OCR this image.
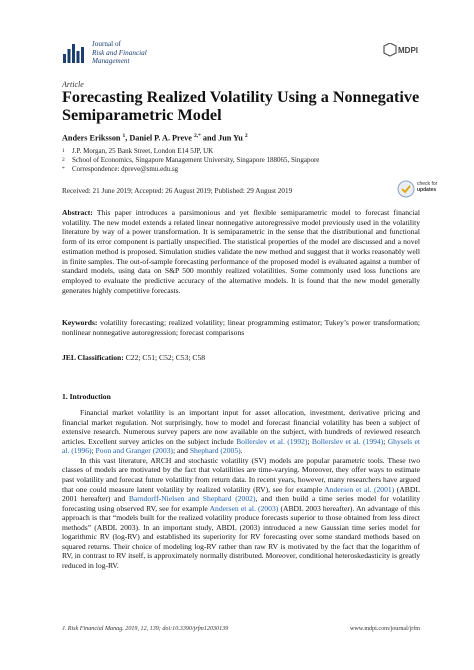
Journal of
Risk and Financial
Management
MDPI
Article
Forecasting Realized Volatility Using a Nonnegative Semiparametric Model
Anders Eriksson $^1$, Daniel P. A. Preve $^{2,*}$ and Jun Yu $^2$
1 J.P. Morgan, 25 Bank Street, London E14 5JP, UK
2 School of Economics, Singapore Management University, Singapore 188065, Singapore
* Correspondence: dpreve@smu.edu.sg
Received: 21 June 2019; Accepted: 26 August 2019; Published: 29 August 2019
check for
updates
Abstract: This paper introduces a parsimonious and yet flexible semiparametric model to forecast financial volatility. The new model extends a related linear nonnegative autoregressive model previously used in the volatility literature by way of a power transformation. It is semiparametric in the sense that the distributional and functional form of its error component is partially unspecified. The statistical properties of the model are discussed and a novel estimation method is proposed. Simulation studies validate the new method and suggest that it works reasonably well in finite samples. The out-of-sample forecasting performance of the proposed model is evaluated against a number of standard models, using data on S&P 500 monthly realized volatilities. Some commonly used loss functions are employed to evaluate the predictive accuracy of the alternative models. It is found that the new model generally generates highly competitive forecasts.
Keywords: volatility forecasting; realized volatility; linear programming estimator; Tukey’s power transformation; nonlinear nonnegative autoregression; forecast comparisons
JEL Classification: C22; C51; C52; C53; C58
1. Introduction

Financial market volatility is an important input for asset allocation, investment, derivative pricing and financial market regulation. Not surprisingly, how to model and forecast financial volatility has been a subject of extensive research. Numerous survey papers are now available on the subject, with hundreds of reviewed research articles. Excellent survey articles on the subject include Bollerslev et al. (1992); Bollerslev et al. (1994); Ghysels et al. (1996); Poon and Granger (2003); and Shephard (2005).

In this vast literature, ARCH and stochastic volatility (SV) models are popular parametric tools. These two classes of models are motivated by the fact that volatilities are time-varying. Moreover, they offer ways to estimate past volatility and forecast future volatility from return data. In recent years, however, many researchers have argued that one could measure latent volatility by realized volatility (RV), see for example Andersen et al. (2001) (ABDL 2001 hereafter) and Barndorff-Nielsen and Shephard (2002), and then build a time series model for volatility forecasting using observed RV, see for example Andersen et al. (2003) (ABDL 2003 hereafter). An advantage of this approach is that “models built for the realized volatility produce forecasts superior to those obtained from less direct methods” (ABDL 2003). In an important study, ABDL (2003) introduced a new Gaussian time series model for logarithmic RV (log-RV) and established its superiority for RV forecasting over some standard methods based on squared returns. Their choice of modeling log-RV rather than raw RV is motivated by the fact that the logarithm of RV, in contrast to RV itself, is approximately normally distributed. Moreover, conditional heteroskedasticity is greatly reduced in log-RV.

J. Risk Financial Manag. 2019, 12, 139; doi:10.3390/jrfm12030139	www.mdpi.com/journal/jrfm
